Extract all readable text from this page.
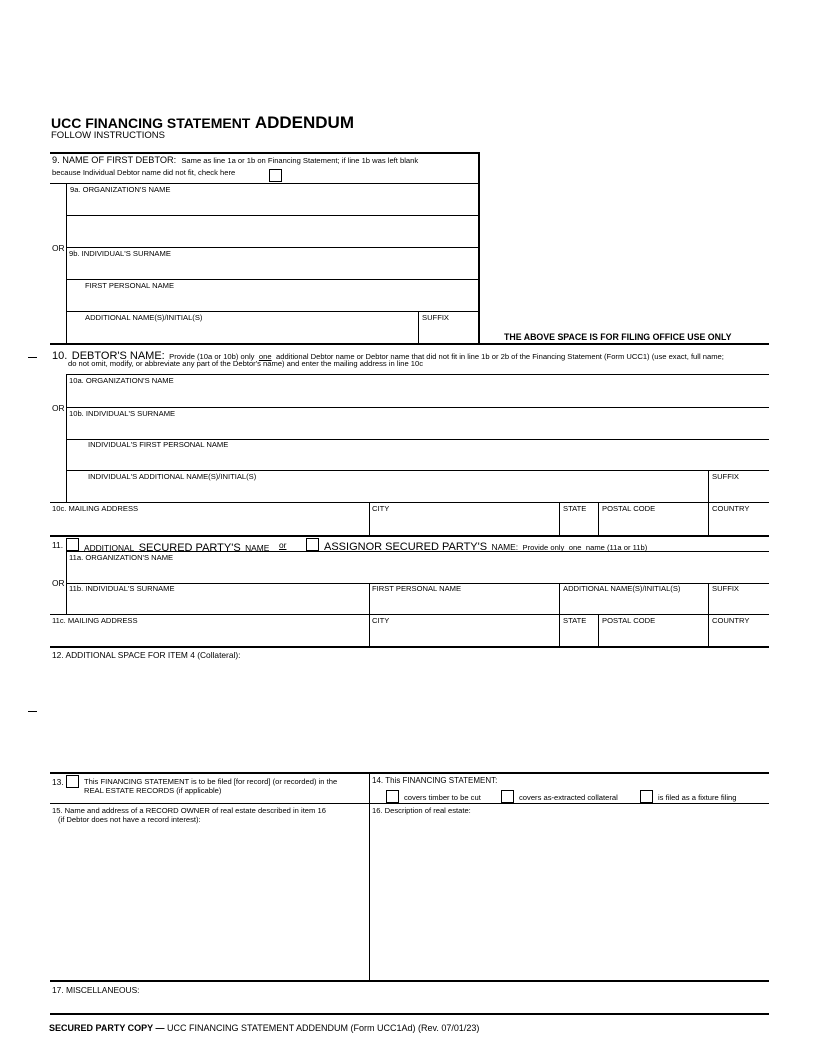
UCC FINANCING STATEMENT ADDENDUM
FOLLOW INSTRUCTIONS
9. NAME OF FIRST DEBTOR: Same as line 1a or 1b on Financing Statement; if line 1b was left blank
because Individual Debtor name did not fit, check here
9a. ORGANIZATION'S NAME
OR
9b. INDIVIDUAL'S SURNAME
FIRST PERSONAL NAME
ADDITIONAL NAME(S)/INITIAL(S)	SUFFIX
THE ABOVE SPACE IS FOR FILING OFFICE USE ONLY
10. DEBTOR'S NAME: Provide (10a or 10b) only one additional Debtor name or Debtor name that did not fit in line 1b or 2b of the Financing Statement (Form UCC1) (use exact, full name;
do not omit, modify, or abbreviate any part of the Debtor's name) and enter the mailing address in line 10c
10a. ORGANIZATION'S NAME
OR
10b. INDIVIDUAL'S SURNAME
INDIVIDUAL'S FIRST PERSONAL NAME
INDIVIDUAL'S ADDITIONAL NAME(S)/INITIAL(S)	SUFFIX
10c. MAILING ADDRESS	CITY	STATE POSTAL CODE	COUNTRY
11. ADDITIONAL SECURED PARTY'S NAME or	ASSIGNOR SECURED PARTY'S NAME: Provide only one name (11a or 11b)
11a. ORGANIZATION'S NAME
OR
11b. INDIVIDUAL'S SURNAME	FIRST PERSONAL NAME	ADDITIONAL NAME(S)/INITIAL(S)	SUFFIX
11c. MAILING ADDRESS	CITY	STATE POSTAL CODE	COUNTRY
12. ADDITIONAL SPACE FOR ITEM 4 (Collateral):
13.	This FINANCING STATEMENT is to be filed [for record] (or recorded) in the
REAL ESTATE RECORDS (if applicable)
14. This FINANCING STATEMENT:
covers timber to be cut	covers as-extracted collateral	is filed as a fixture filing
15. Name and address of a RECORD OWNER of real estate described in item 16
(if Debtor does not have a record interest):
16. Description of real estate:
17. MISCELLANEOUS:
SECURED PARTY COPY — UCC FINANCING STATEMENT ADDENDUM (Form UCC1Ad) (Rev. 07/01/23)
